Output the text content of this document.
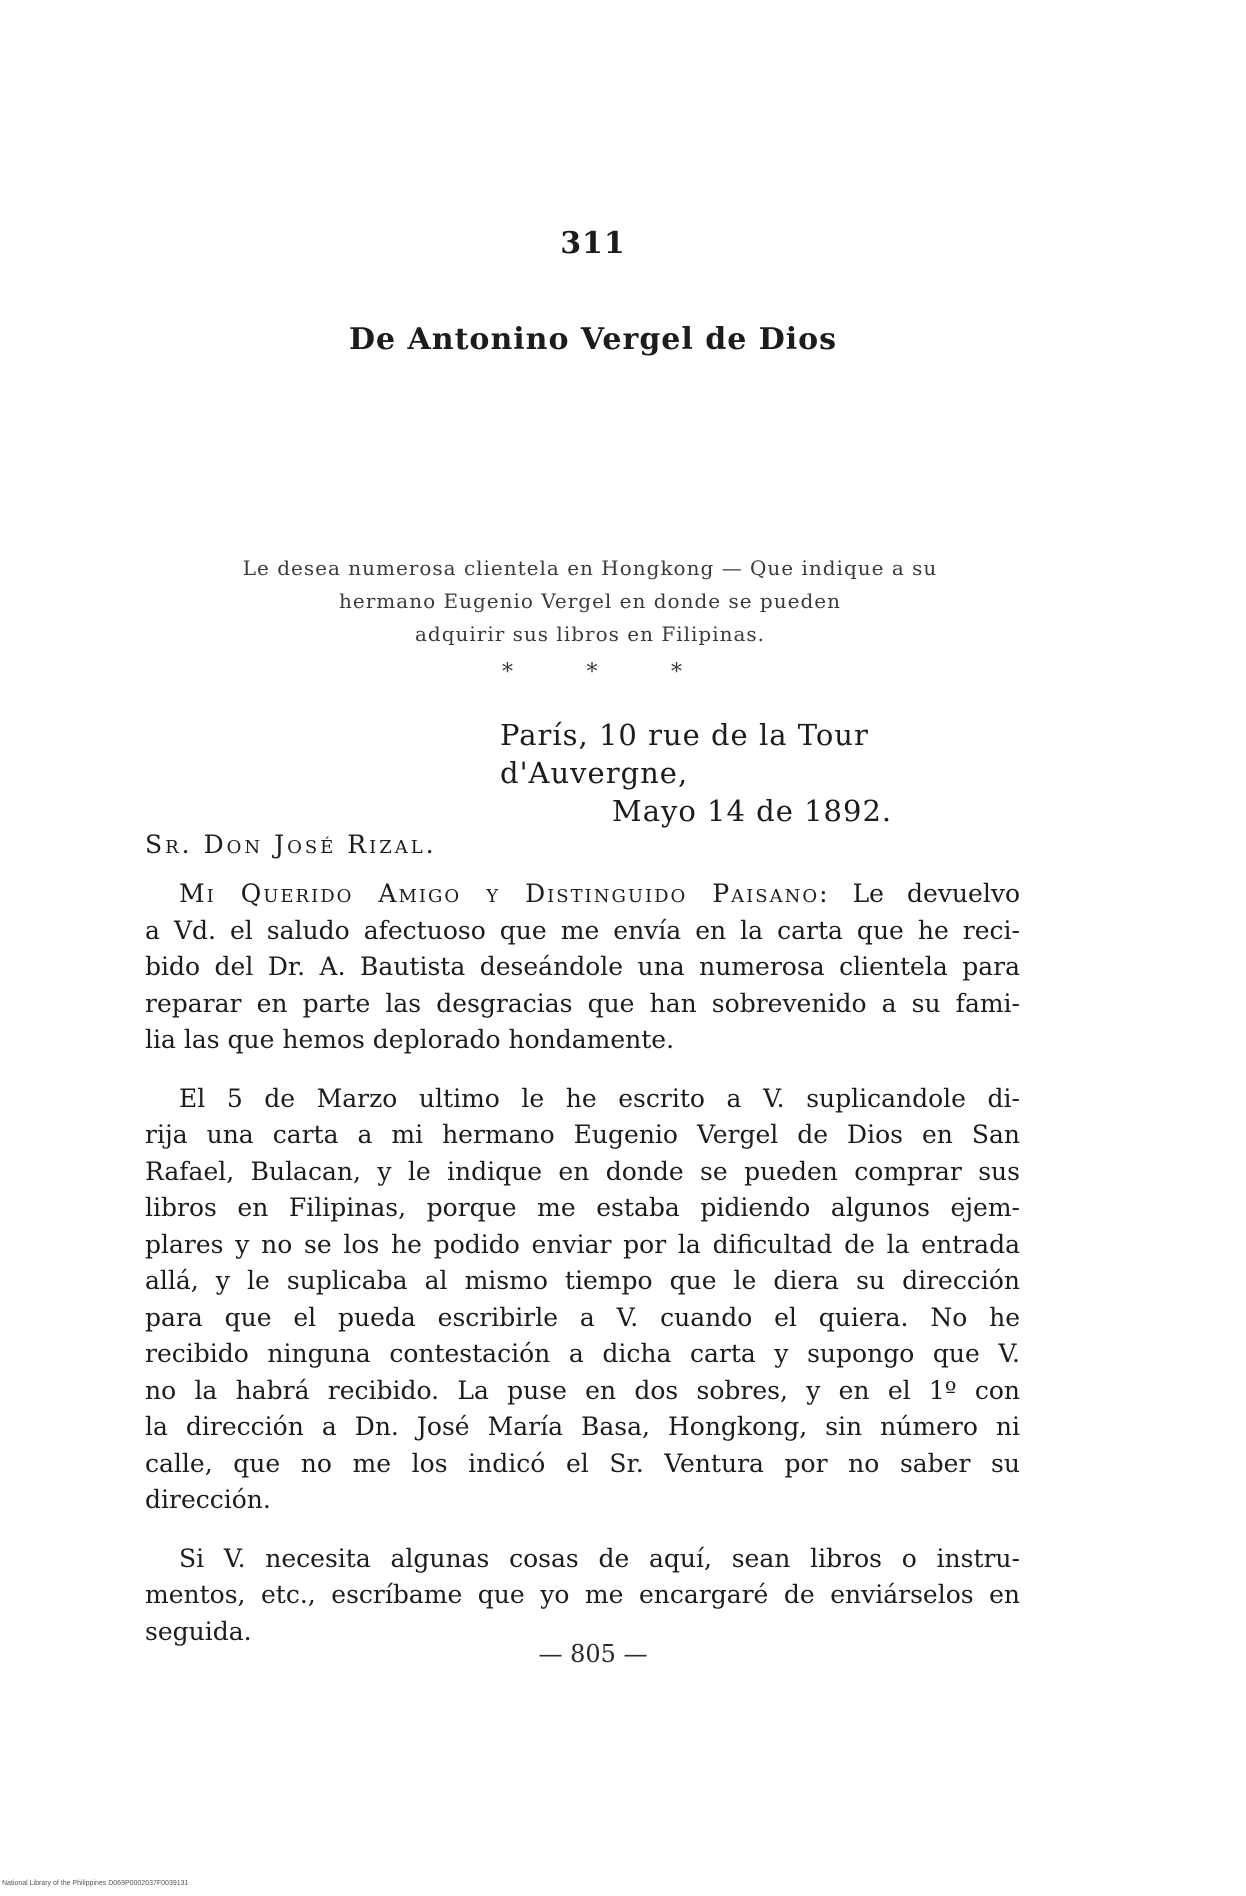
311
De Antonino Vergel de Dios
Le desea numerosa clientela en Hongkong — Que indique a su
hermano Eugenio Vergel en donde se pueden
adquirir sus libros en Filipinas.
*	*	*
París, 10 rue de la Tour d'Auvergne,
Mayo 14 de 1892.
Sr. Don José Rizal.
Mi Querido Amigo y Distinguido Paisano: Le devuelvo
a Vd. el saludo afectuoso que me envía en la carta que he reci-
bido del Dr. A. Bautista deseándole una numerosa clientela para
reparar en parte las desgracias que han sobrevenido a su fami-
lia las que hemos deplorado hondamente.
El 5 de Marzo ultimo le he escrito a V. suplicandole di-
rija una carta a mi hermano Eugenio Vergel de Dios en San
Rafael, Bulacan, y le indique en donde se pueden comprar sus
libros en Filipinas, porque me estaba pidiendo algunos ejem-
plares y no se los he podido enviar por la dificultad de la entrada
allá, y le suplicaba al mismo tiempo que le diera su dirección
para que el pueda escribirle a V. cuando el quiera. No he
recibido ninguna contestación a dicha carta y supongo que V.
no la habrá recibido. La puse en dos sobres, y en el 1º con
la dirección a Dn. José María Basa, Hongkong, sin número ni
calle, que no me los indicó el Sr. Ventura por no saber su
dirección.
Si V. necesita algunas cosas de aquí, sean libros o instru-
mentos, etc., escríbame que yo me encargaré de enviárselos en
seguida.
— 805 —
National Library of the Philippines D069P0002037F0039131
